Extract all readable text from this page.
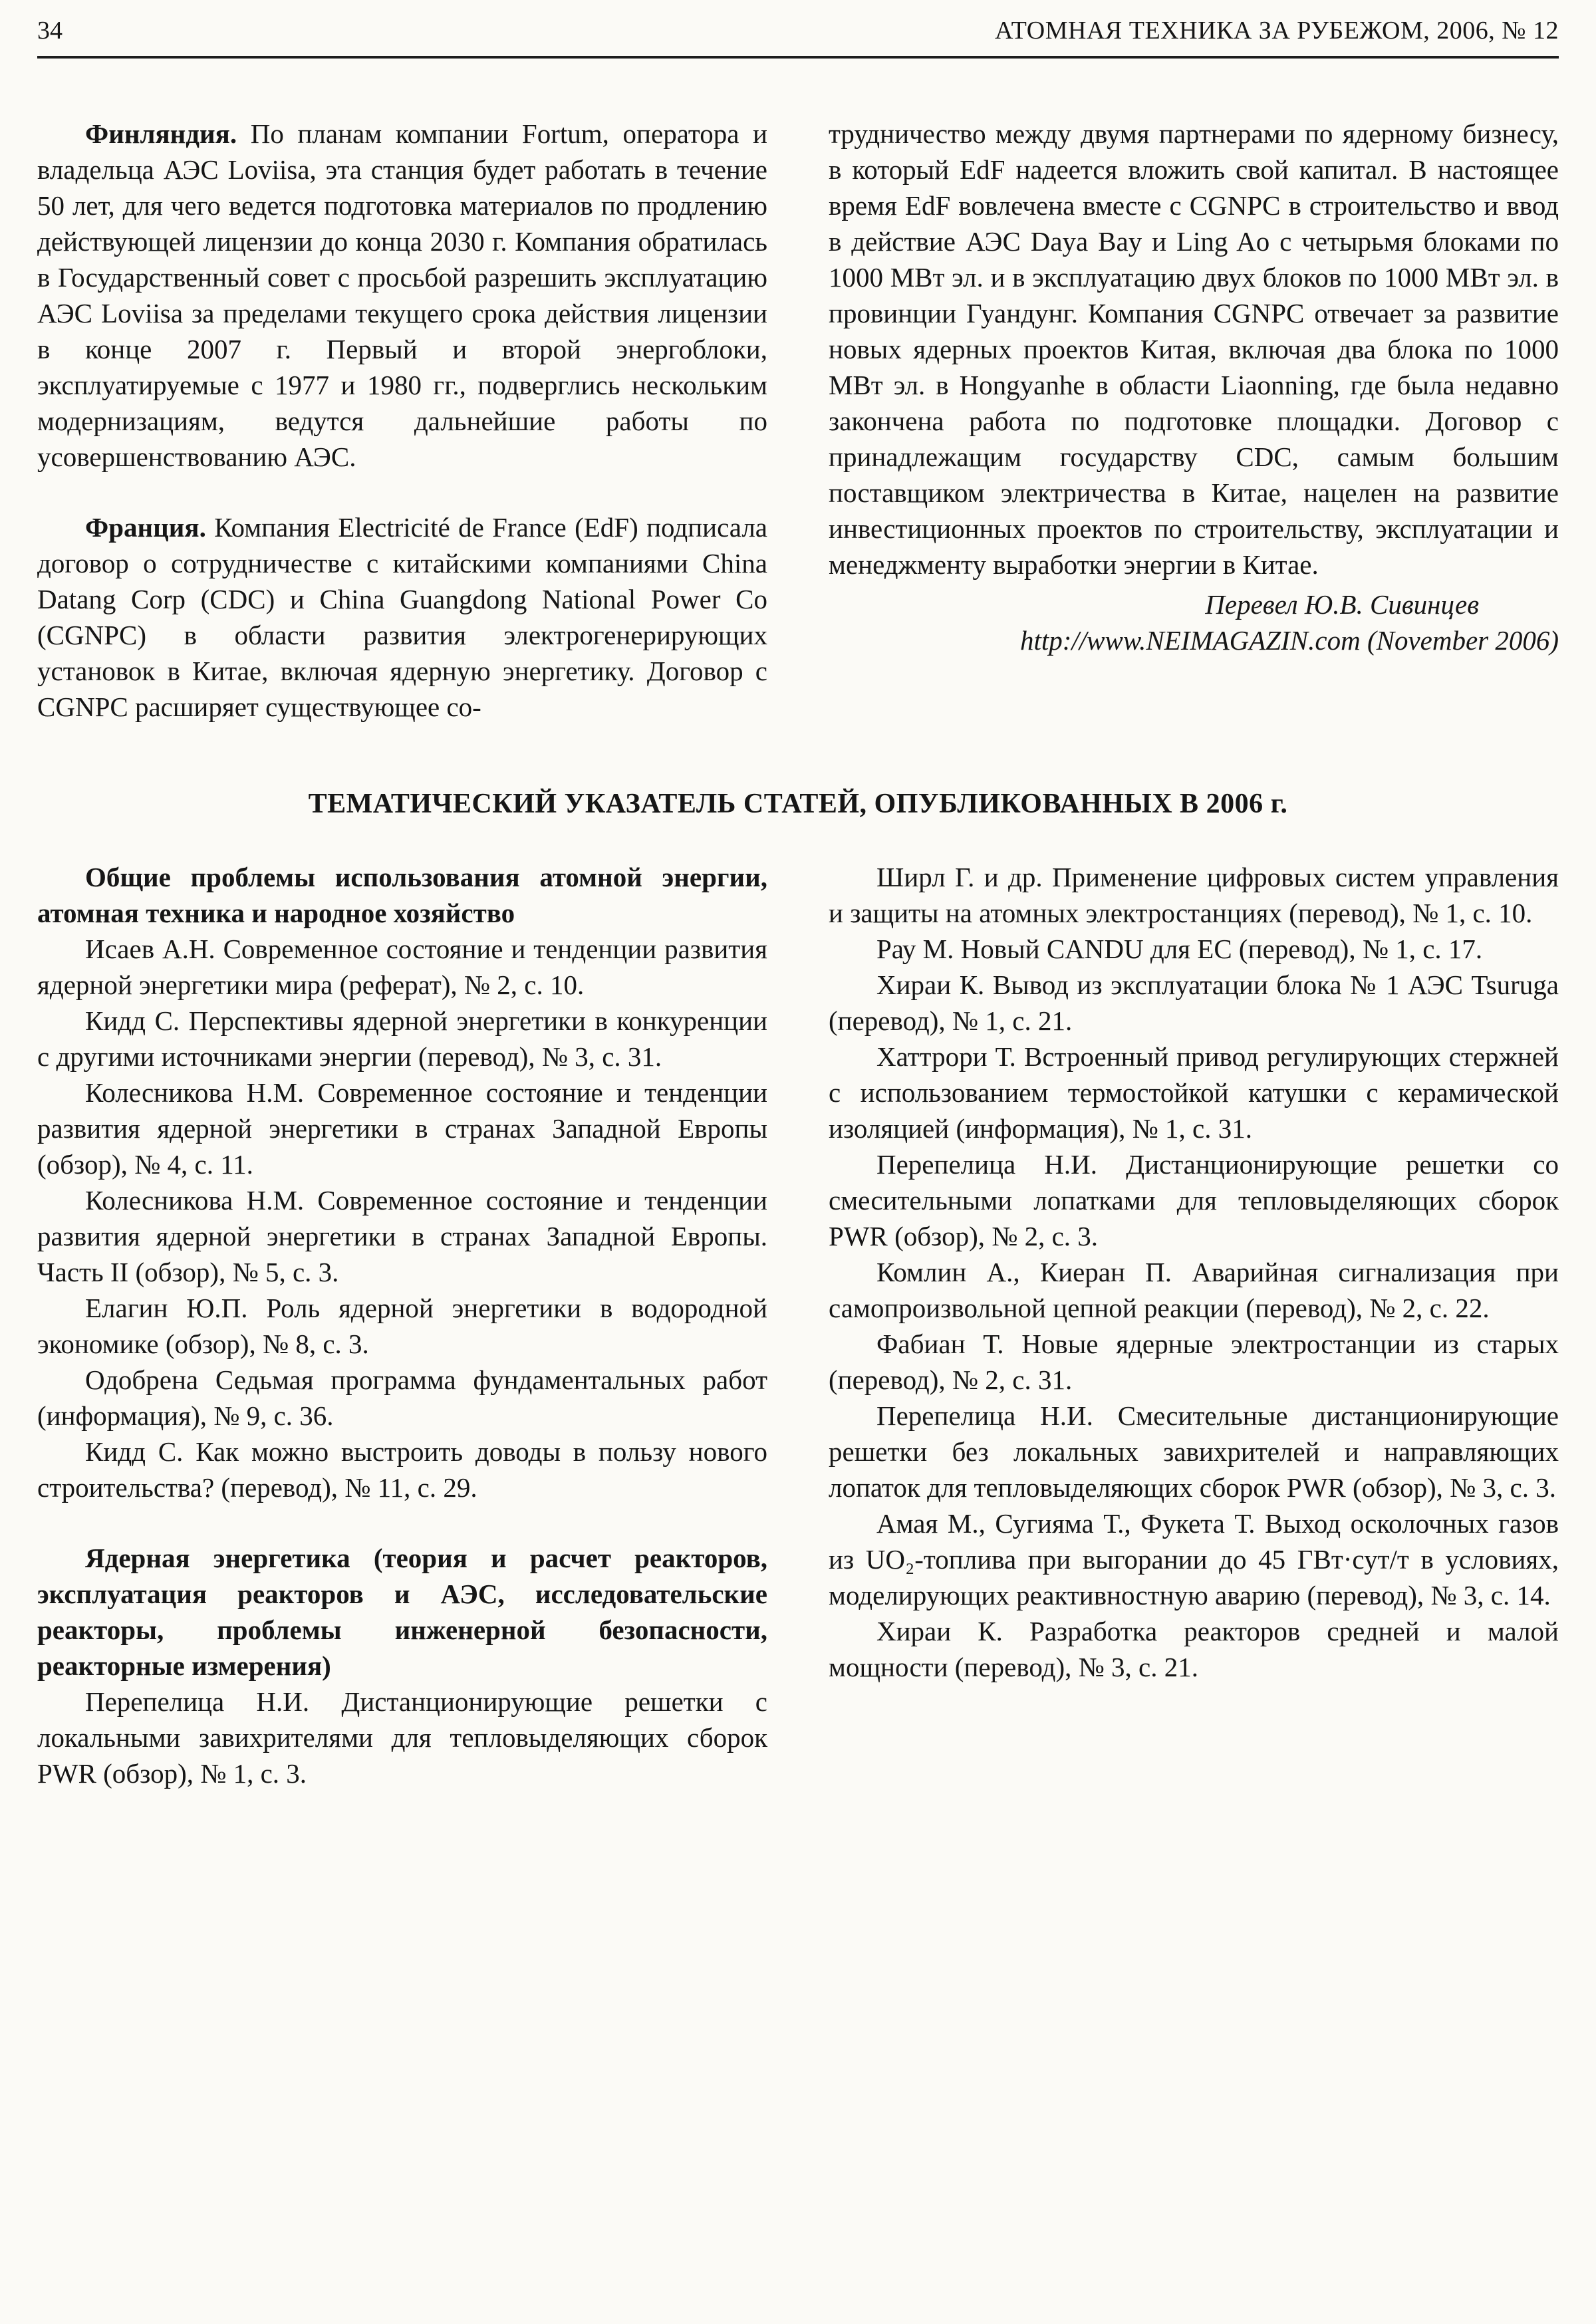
34	АТОМНАЯ ТЕХНИКА ЗА РУБЕЖОМ, 2006, № 12

Финляндия. По планам компании Fortum, оператора и владельца АЭС Loviisa, эта станция будет работать в течение 50 лет, для чего ведется подготовка материалов по продлению действующей лицензии до конца 2030 г. Компания обратилась в Государственный совет с просьбой разрешить эксплуатацию АЭС Loviisa за пределами текущего срока действия лицензии в конце 2007 г. Первый и второй энергоблоки, эксплуатируемые с 1977 и 1980 гг., подверглись нескольким модернизациям, ведутся дальнейшие работы по усовершенствованию АЭС.

Франция. Компания Electricité de France (EdF) подписала договор о сотрудничестве с китайскими компаниями China Datang Corp (CDC) и China Guangdong National Power Co (CGNPC) в области развития электрогенерирующих установок в Китае, включая ядерную энергетику. Договор с CGNPC расширяет существующее со-

трудничество между двумя партнерами по ядерному бизнесу, в который EdF надеется вложить свой капитал. В настоящее время EdF вовлечена вместе с CGNPC в строительство и ввод в действие АЭС Daya Bay и Ling Ao с четырьмя блоками по 1000 МВт эл. и в эксплуатацию двух блоков по 1000 МВт эл. в провинции Гуандунг. Компания CGNPC отвечает за развитие новых ядерных проектов Китая, включая два блока по 1000 МВт эл. в Hongyanhe в области Liaonning, где была недавно закончена работа по подготовке площадки. Договор с принадлежащим государству CDC, самым большим поставщиком электричества в Китае, нацелен на развитие инвестиционных проектов по строительству, эксплуатации и менеджменту выработки энергии в Китае.

Перевел Ю.В. Сивинцев

http://www.NEIMAGAZIN.com (November 2006)

ТЕМАТИЧЕСКИЙ УКАЗАТЕЛЬ СТАТЕЙ, ОПУБЛИКОВАННЫХ В 2006 г.

Общие проблемы использования атомной энергии, атомная техника и народное хозяйство

Исаев А.Н. Современное состояние и тенденции развития ядерной энергетики мира (реферат), № 2, с. 10.

Кидд С. Перспективы ядерной энергетики в конкуренции с другими источниками энергии (перевод), № 3, с. 31.

Колесникова Н.М. Современное состояние и тенденции развития ядерной энергетики в странах Западной Европы (обзор), № 4, с. 11.

Колесникова Н.М. Современное состояние и тенденции развития ядерной энергетики в странах Западной Европы. Часть II (обзор), № 5, с. 3.

Елагин Ю.П. Роль ядерной энергетики в водородной экономике (обзор), № 8, с. 3.

Одобрена Седьмая программа фундаментальных работ (информация), № 9, с. 36.

Кидд С. Как можно выстроить доводы в пользу нового строительства? (перевод), № 11, с. 29.

Ядерная энергетика (теория и расчет реакторов, эксплуатация реакторов и АЭС, исследовательские реакторы, проблемы инженерной безопасности, реакторные измерения)

Перепелица Н.И. Дистанционирующие решетки с локальными завихрителями для тепловыделяющих сборок PWR (обзор), № 1, с. 3.

Ширл Г. и др. Применение цифровых систем управления и защиты на атомных электростанциях (перевод), № 1, с. 10.

Рау М. Новый CANDU для ЕС (перевод), № 1, с. 17.

Хираи К. Вывод из эксплуатации блока № 1 АЭС Tsuruga (перевод), № 1, с. 21.

Хаттрори Т. Встроенный привод регулирующих стержней с использованием термостойкой катушки с керамической изоляцией (информация), № 1, с. 31.

Перепелица Н.И. Дистанционирующие решетки со смесительными лопатками для тепловыделяющих сборок PWR (обзор), № 2, с. 3.

Комлин А., Киеран П. Аварийная сигнализация при самопроизвольной цепной реакции (перевод), № 2, с. 22.

Фабиан Т. Новые ядерные электростанции из старых (перевод), № 2, с. 31.

Перепелица Н.И. Смесительные дистанционирующие решетки без локальных завихрителей и направляющих лопаток для тепловыделяющих сборок PWR (обзор), № 3, с. 3.

Амая М., Сугияма Т., Фукета Т. Выход осколочных газов из UO₂-топлива при выгорании до 45 ГВт·сут/т в условиях, моделирующих реактивностную аварию (перевод), № 3, с. 14.

Хираи К. Разработка реакторов средней и малой мощности (перевод), № 3, с. 21.
